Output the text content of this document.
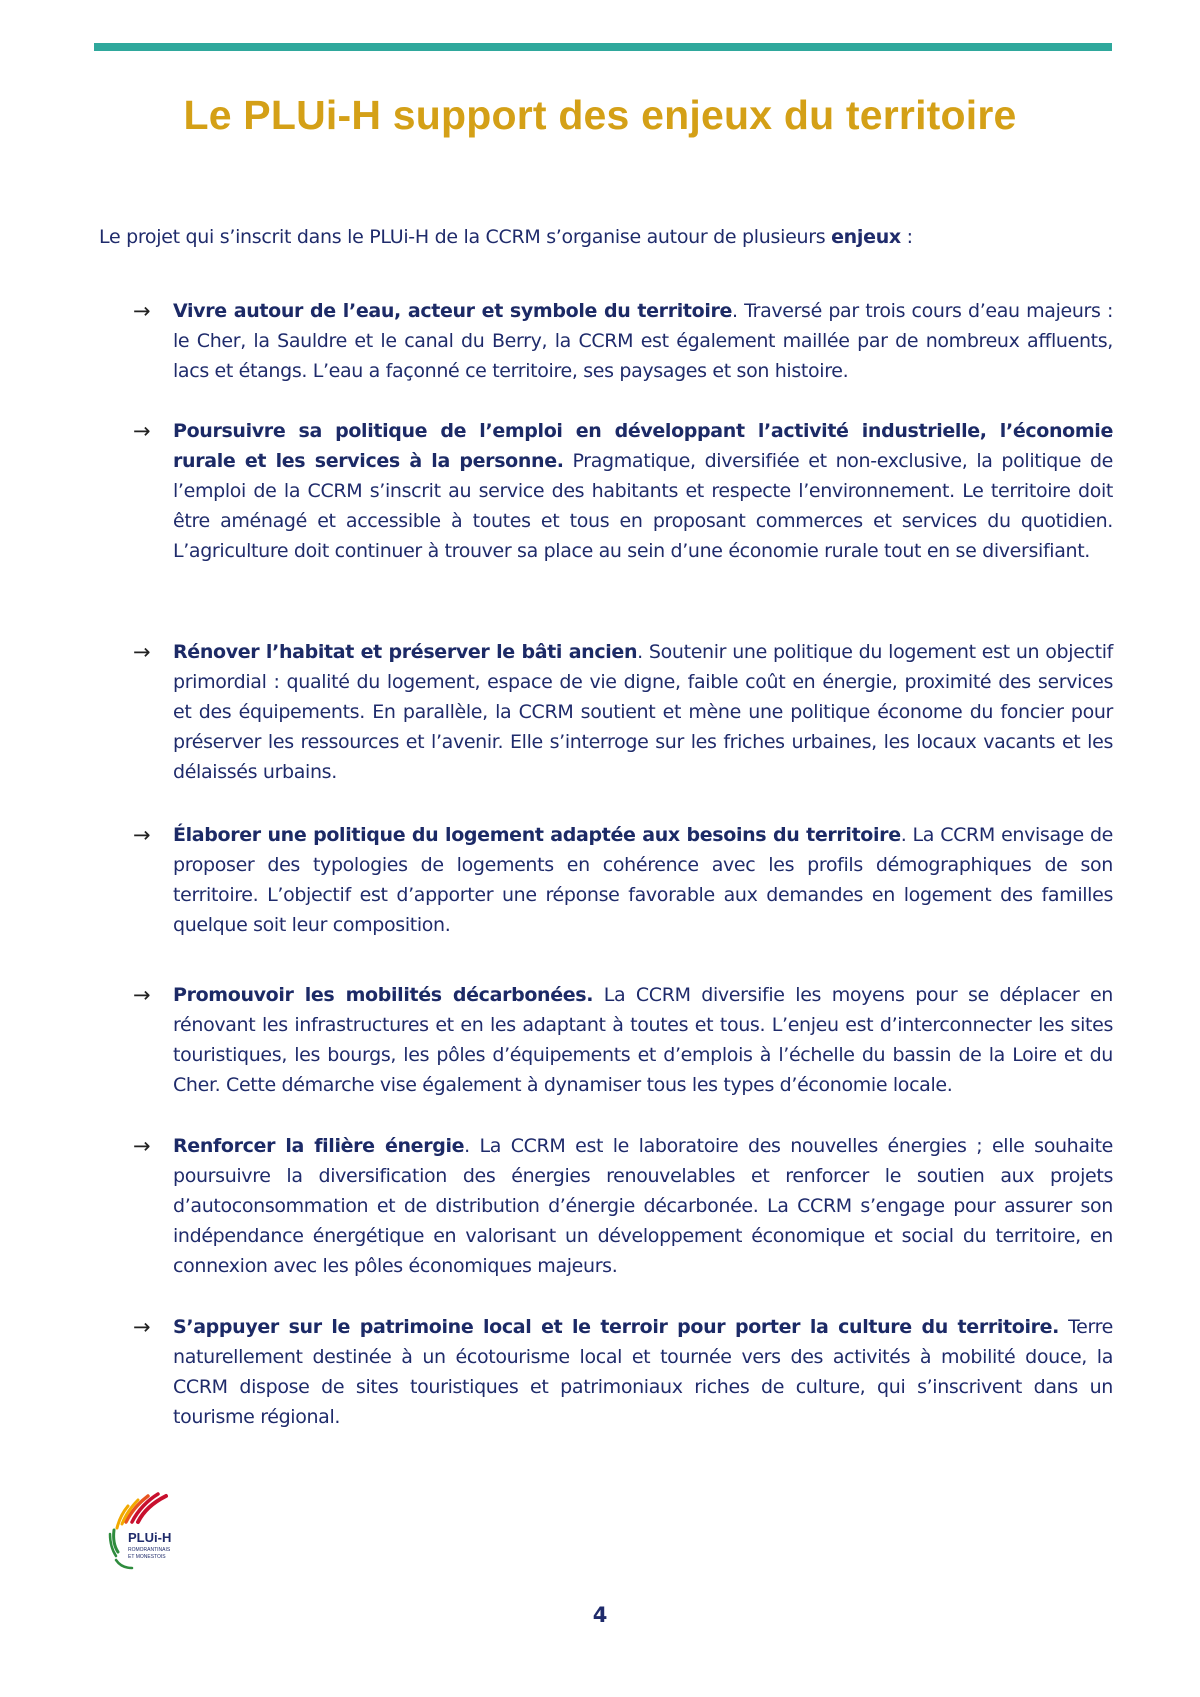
Le PLUi-H support des enjeux du territoire

Le projet qui s’inscrit dans le PLUi-H de la CCRM s’organise autour de plusieurs enjeux :

→ Vivre autour de l’eau, acteur et symbole du territoire. Traversé par trois cours d’eau majeurs : le Cher, la Sauldre et le canal du Berry, la CCRM est également maillée par de nombreux affluents, lacs et étangs. L’eau a façonné ce territoire, ses paysages et son histoire.

→ Poursuivre sa politique de l’emploi en développant l’activité industrielle, l’économie rurale et les services à la personne. Pragmatique, diversifiée et non-exclusive, la politique de l’emploi de la CCRM s’inscrit au service des habitants et respecte l’environnement. Le territoire doit être aménagé et accessible à toutes et tous en proposant commerces et services du quotidien. L’agriculture doit continuer à trouver sa place au sein d’une économie rurale tout en se diversifiant.

→ Rénover l’habitat et préserver le bâti ancien. Soutenir une politique du logement est un objectif primordial : qualité du logement, espace de vie digne, faible coût en énergie, proximité des services et des équipements. En parallèle, la CCRM soutient et mène une politique économe du foncier pour préserver les ressources et l’avenir. Elle s’interroge sur les friches urbaines, les locaux vacants et les délaissés urbains.

→ Élaborer une politique du logement adaptée aux besoins du territoire. La CCRM envisage de proposer des typologies de logements en cohérence avec les profils démographiques de son territoire. L’objectif est d’apporter une réponse favorable aux demandes en logement des familles quelque soit leur composition.

→ Promouvoir les mobilités décarbonées. La CCRM diversifie les moyens pour se déplacer en rénovant les infrastructures et en les adaptant à toutes et tous. L’enjeu est d’interconnecter les sites touristiques, les bourgs, les pôles d’équipements et d’emplois à l’échelle du bassin de la Loire et du Cher. Cette démarche vise également à dynamiser tous les types d’économie locale.

→ Renforcer la filière énergie. La CCRM est le laboratoire des nouvelles énergies ; elle souhaite poursuivre la diversification des énergies renouvelables et renforcer le soutien aux projets d’autoconsommation et de distribution d’énergie décarbonée. La CCRM s’engage pour assurer son indépendance énergétique en valorisant un développement économique et social du territoire, en connexion avec les pôles économiques majeurs.

→ S’appuyer sur le patrimoine local et le terroir pour porter la culture du territoire. Terre naturellement destinée à un écotourisme local et tournée vers des activités à mobilité douce, la CCRM dispose de sites touristiques et patrimoniaux riches de culture, qui s’inscrivent dans un tourisme régional.

PLUi-H
ROMORANTINAIS
ET MONESTOIS

4
